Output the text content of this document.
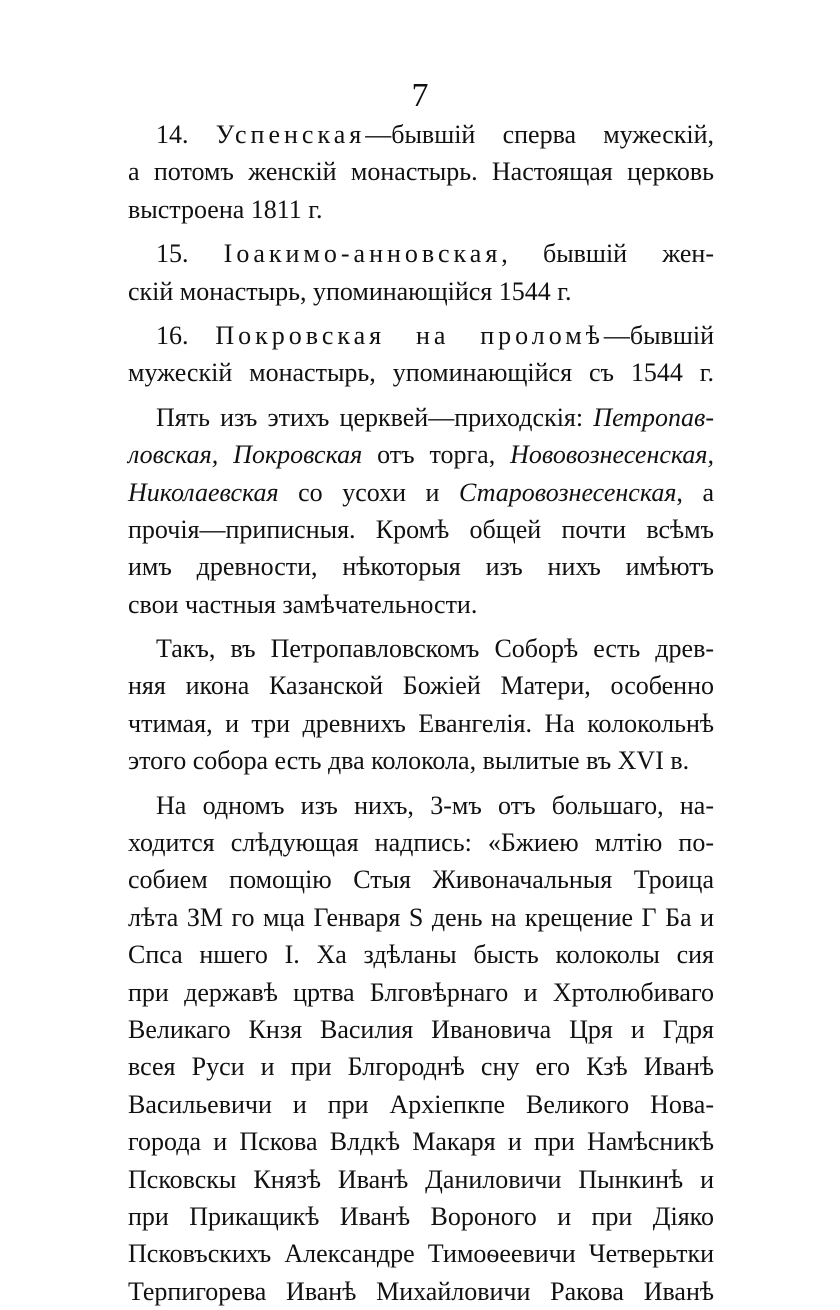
7
14. Успенская—бывшій сперва мужескій,
а потомъ женскій монастырь. Настоящая церковь
выстроена 1811 г.
15. Іоакимо-анновская, бывшій жен-
скій монастырь, упоминающійся 1544 г.
16. Покровская на проломѣ—бывшій
мужескій монастырь, упоминающійся съ 1544 г.
Пять изъ этихъ церквей—приходскія: Петропав-
ловская, Покровская отъ торга, Нововознесенская,
Николаевская со усохи и Старовознесенская, а
прочія—приписныя. Кромѣ общей почти всѣмъ
имъ древности, нѣкоторыя изъ нихъ имѣютъ
свои частныя замѣчательности.
Такъ, въ Петропавловскомъ Соборѣ есть древ-
няя икона Казанской Божіей Матери, особенно
чтимая, и три древнихъ Евангелія. На колокольнѣ
этого собора есть два колокола, вылитые въ XVI в.
На одномъ изъ нихъ, 3-мъ отъ большаго, на-
ходится слѣдующая надпись: «Бжиею млтію по-
собием помощію Стыя Живоначальныя Троица
лѣта ЗМ го мца Генваря S день на крещение Г Ба и
Спса ншего І. Ха здѣланы бысть колоколы сия
при державѣ цртва Блговѣрнаго и Хртолюбиваго
Великаго Кнзя Василия Ивановича Цря и Гдря
всея Руси и при Блгороднѣ сну его Кзѣ Иванѣ
Васильевичи и при Архіепкпе Великого Нова-
города и Пскова Влдкѣ Макаря и при Намѣсникѣ
Псковскы Князѣ Иванѣ Даниловичи Пынкинѣ и
при Прикащикѣ Иванѣ Вороного и при Діяко
Псковъскихъ Александре Тимоѳеевичи Четверьтки
Терпигорева Иванѣ Михайловичи Ракова Иванѣ
